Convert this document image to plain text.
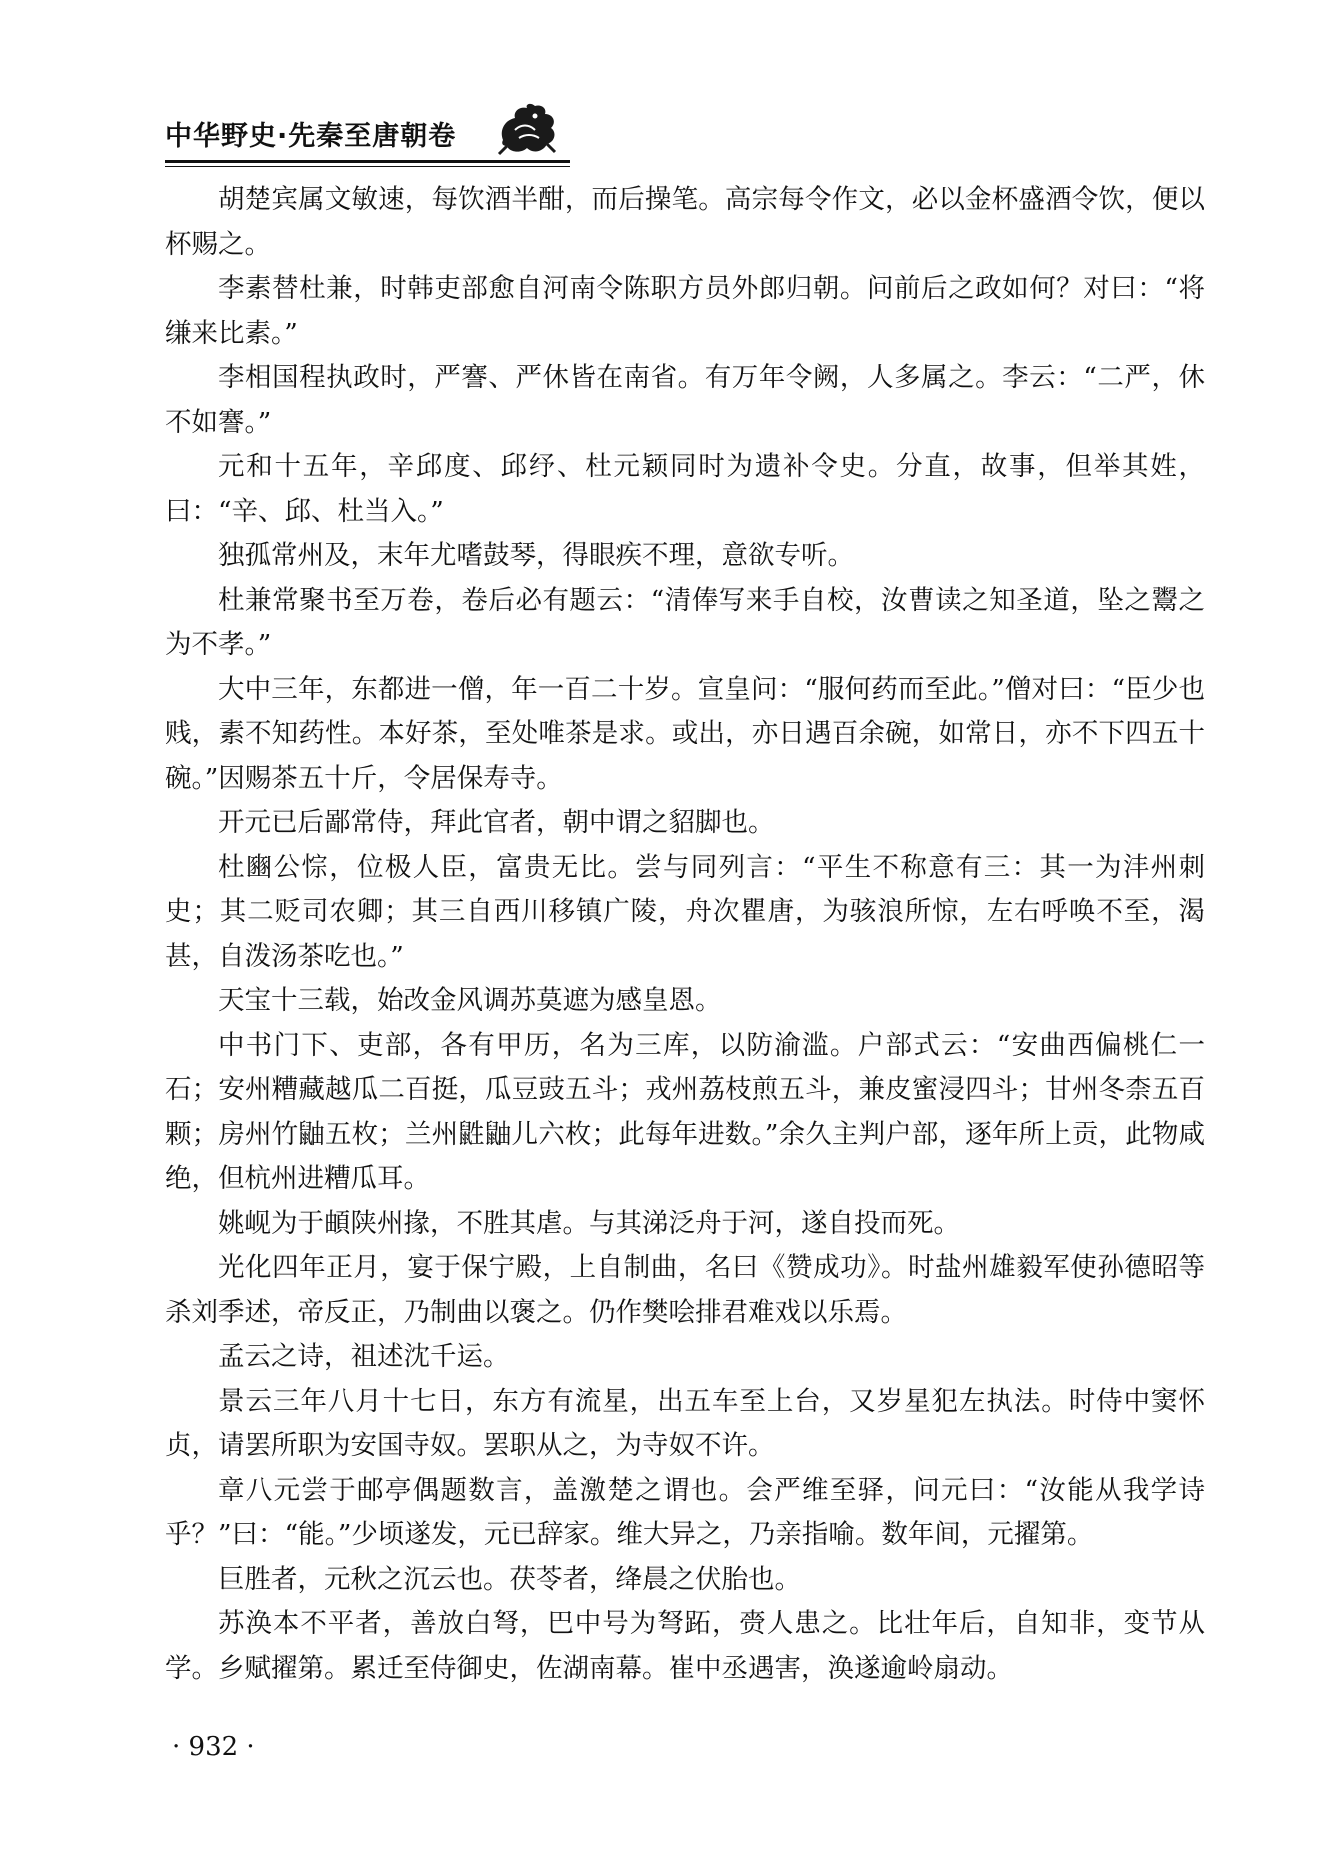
中华野史·先秦至唐朝卷

胡楚宾属文敏速，每饮酒半酣，而后操笔。高宗每令作文，必以金杯盛酒令饮，便以杯赐之。

李素替杜兼，时韩吏部愈自河南令陈职方员外郎归朝。问前后之政如何？对曰：“将缣来比素。”

李相国程执政时，严謇、严休皆在南省。有万年令阙，人多属之。李云：“二严，休不如謇。”

元和十五年，辛邱度、邱纾、杜元颖同时为遗补令史。分直，故事，但举其姓，曰：“辛、邱、杜当入。”

独孤常州及，末年尤嗜鼓琴，得眼疾不理，意欲专听。

杜兼常聚书至万卷，卷后必有题云：“清俸写来手自校，汝曹读之知圣道，坠之鬻之为不孝。”

大中三年，东都进一僧，年一百二十岁。宣皇问：“服何药而至此。”僧对曰：“臣少也贱，素不知药性。本好茶，至处唯茶是求。或出，亦日遇百余碗，如常日，亦不下四五十碗。”因赐茶五十斤，令居保寿寺。

开元已后鄙常侍，拜此官者，朝中谓之貂脚也。

杜豳公悰，位极人臣，富贵无比。尝与同列言：“平生不称意有三：其一为沣州刺史；其二贬司农卿；其三自西川移镇广陵，舟次瞿唐，为骇浪所惊，左右呼唤不至，渴甚，自泼汤茶吃也。”

天宝十三载，始改金风调苏莫遮为感皇恩。

中书门下、吏部，各有甲历，名为三库，以防渝滥。户部式云：“安曲西偏桃仁一石；安州糟藏越瓜二百挺，瓜豆豉五斗；戎州荔枝煎五斗，兼皮蜜浸四斗；甘州冬柰五百颗；房州竹鼬五枚；兰州鼪鼬儿六枚；此每年进数。”余久主判户部，逐年所上贡，此物咸绝，但杭州进糟瓜耳。

姚岘为于頔陕州掾，不胜其虐。与其涕泛舟于河，遂自投而死。

光化四年正月，宴于保宁殿，上自制曲，名曰《赞成功》。时盐州雄毅军使孙德昭等杀刘季述，帝反正，乃制曲以褒之。仍作樊哙排君难戏以乐焉。

孟云之诗，祖述沈千运。

景云三年八月十七日，东方有流星，出五车至上台，又岁星犯左执法。时侍中窦怀贞，请罢所职为安国寺奴。罢职从之，为寺奴不许。

章八元尝于邮亭偶题数言，盖激楚之谓也。会严维至驿，问元曰：“汝能从我学诗乎？”曰：“能。”少顷遂发，元已辞家。维大异之，乃亲指喻。数年间，元擢第。

巨胜者，元秋之沉云也。茯苓者，绛晨之伏胎也。

苏涣本不平者，善放白弩，巴中号为弩跖，赍人患之。比壮年后，自知非，变节从学。乡赋擢第。累迁至侍御史，佐湖南幕。崔中丞遇害，涣遂逾岭扇动。

· 932 ·
